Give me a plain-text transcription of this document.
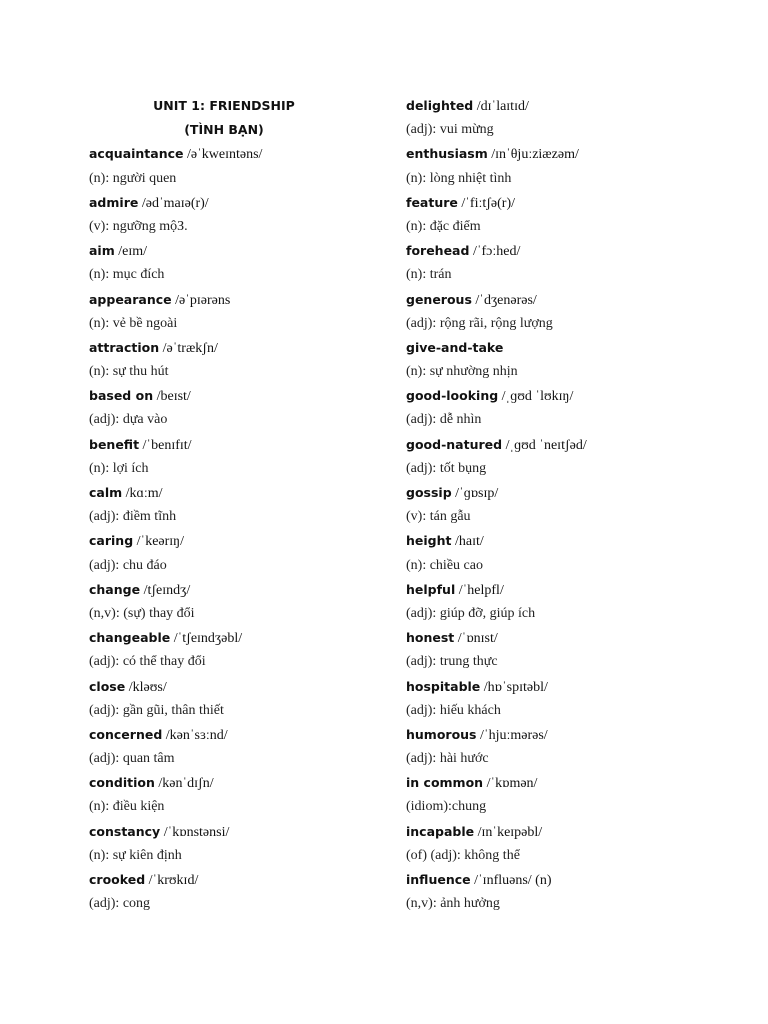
UNIT 1: FRIENDSHIP
(TÌNH BẠN)
acquaintance /əˈkweɪntəns/
(n): người quen
admire /ədˈmaɪə(r)/
(v): ngưỡng mộЗ.
aim /eɪm/
(n): mục đích
appearance /əˈpɪərəns
(n): vẻ bề ngoài
attraction /əˈtrækʃn/
(n): sự thu hút
based on /beɪst/
(adj): dựa vào
benefit /ˈbenɪfɪt/
(n): lợi ích
calm /kɑːm/
(adj): điềm tĩnh
caring /ˈkeərɪŋ/
(adj): chu đáo
change /tʃeɪndʒ/
(n,v): (sự) thay đổi
changeable /ˈtʃeɪndʒəbl/
(adj): có thể thay đổi
close /kləʊs/
(adj): gần gũi, thân thiết
concerned /kənˈsɜːnd/
(adj): quan tâm
condition /kənˈdɪʃn/
(n): điều kiện
constancy /ˈkɒnstənsi/
(n): sự kiên định
crooked /ˈkrʊkɪd/
(adj): cong
delighted /dɪˈlaɪtɪd/
(adj): vui mừng
enthusiasm /ɪnˈθjuːziæzəm/
(n): lòng nhiệt tình
feature /ˈfiːtʃə(r)/
(n): đặc điểm
forehead /ˈfɔːhed/
(n): trán
generous /ˈdʒenərəs/
(adj): rộng rãi, rộng lượng
give-and-take
(n): sự nhường nhịn
good-looking /ˌɡʊd ˈlʊkɪŋ/
(adj): dễ nhìn
good-natured /ˌɡʊd ˈneɪtʃəd/
(adj): tốt bụng
gossip /ˈɡɒsɪp/
(v): tán gẫu
height /haɪt/
(n): chiều cao
helpful /ˈhelpfl/
(adj): giúp đỡ, giúp ích
honest /ˈɒnɪst/
(adj): trung thực
hospitable /hɒˈspɪtəbl/
(adj): hiếu khách
humorous /ˈhjuːmərəs/
(adj): hài hước
in common /ˈkɒmən/
(idiom):chung
incapable /ɪnˈkeɪpəbl/
(of) (adj): không thể
influence /ˈɪnfluəns/ (n)
(n,v): ảnh hưởng
